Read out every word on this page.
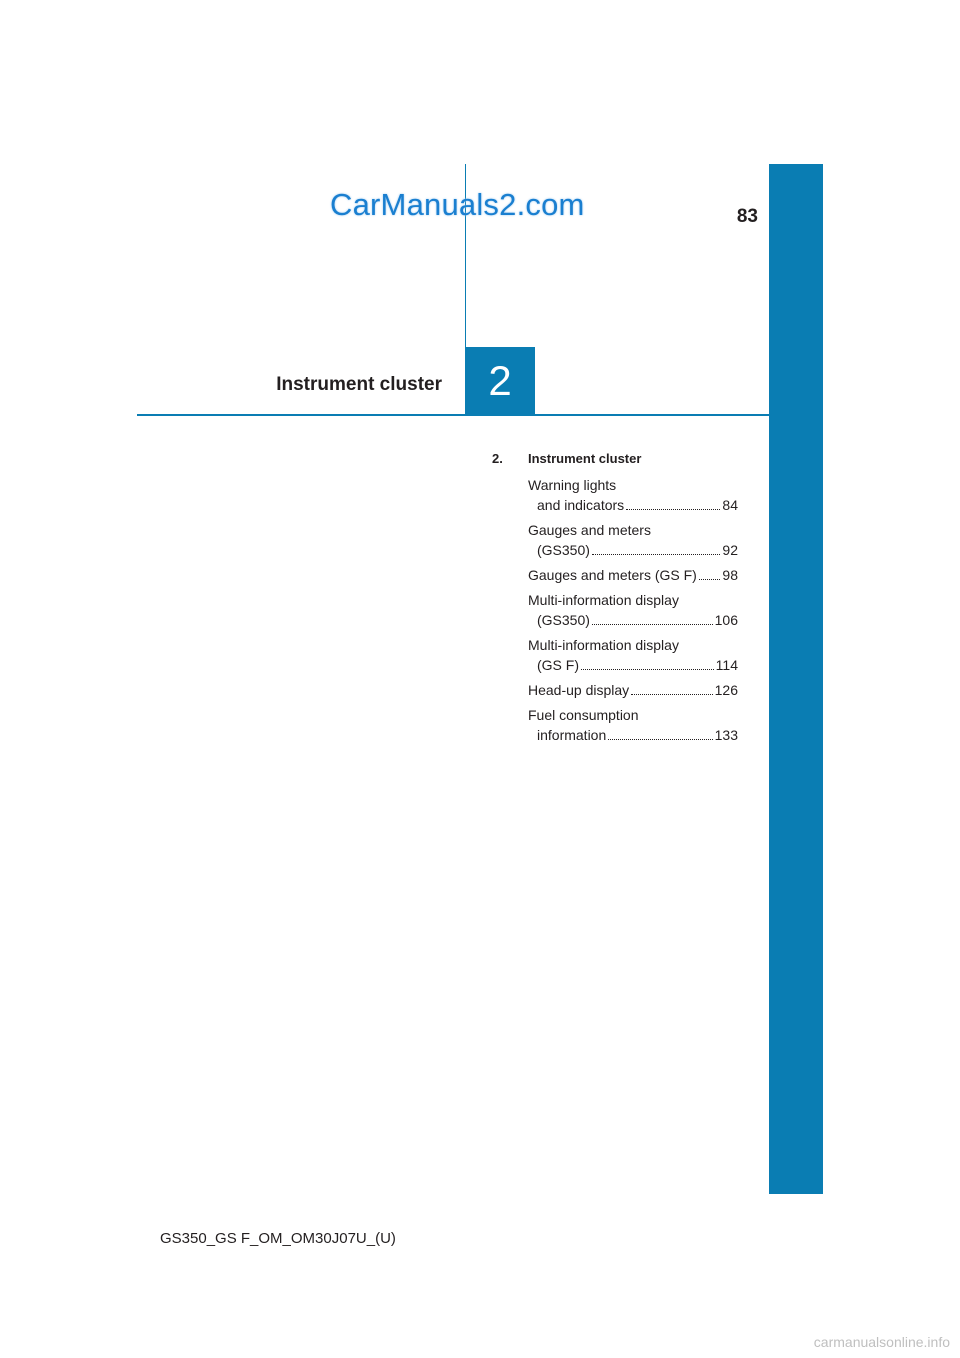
83
CarManuals2.com
Instrument cluster 2
2. Instrument cluster
Warning lights
and indicators	84
Gauges and meters
(GS350)	92
Gauges and meters (GS F) 98
Multi-information display
(GS350)	106
Multi-information display
(GS F)	114
Head-up display	126
Fuel consumption
information	133
GS350_GS F_OM_OM30J07U_(U)
carmanualsonline.info
